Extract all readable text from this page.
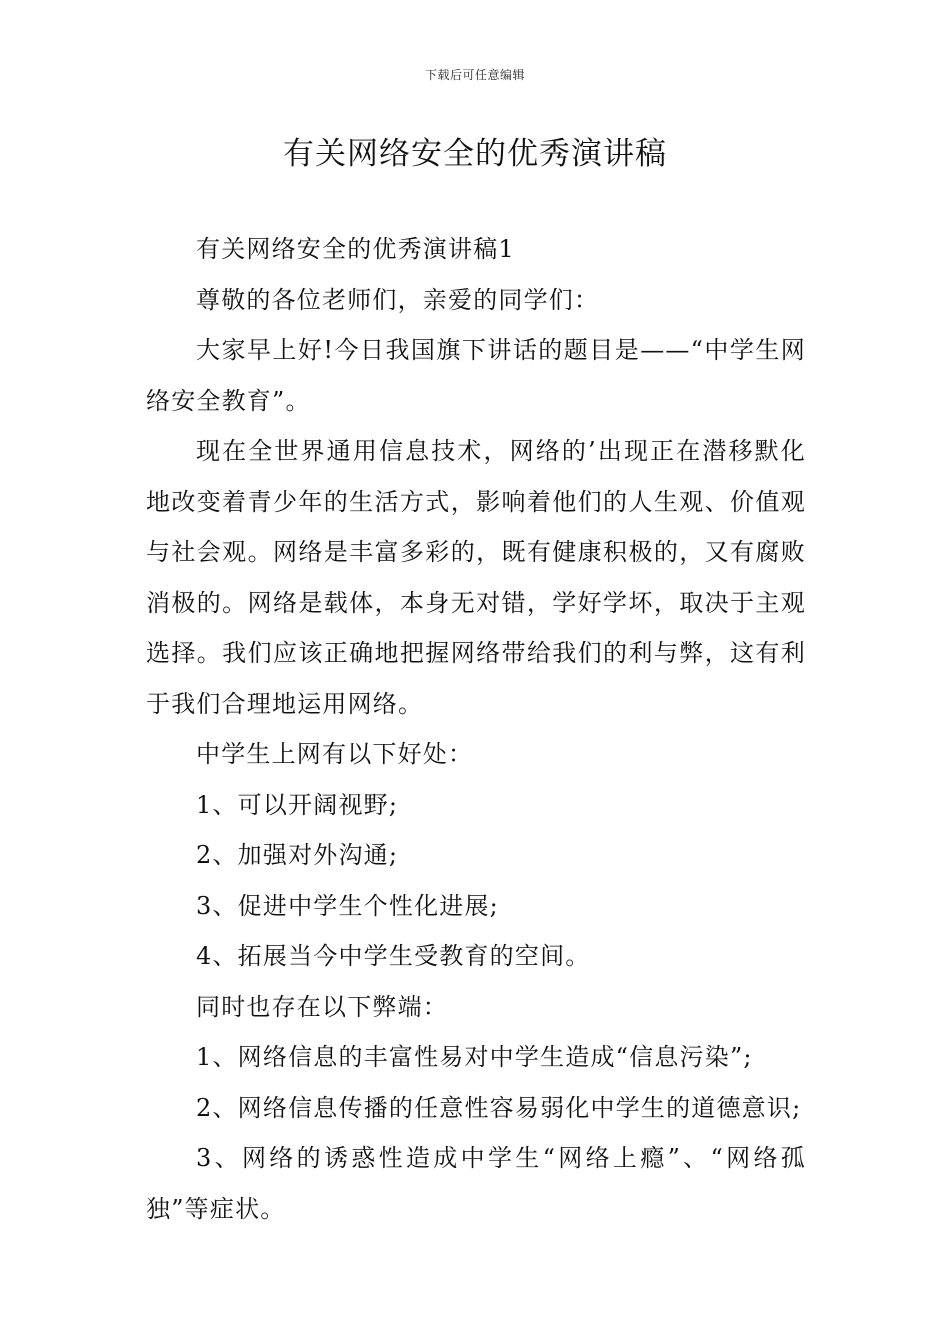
下载后可任意编辑
有关网络安全的优秀演讲稿

有关网络安全的优秀演讲稿1

尊敬的各位老师们，亲爱的同学们：

大家早上好!今日我国旗下讲话的题目是——“中学生网络安全教育”。

现在全世界通用信息技术，网络的’出现正在潜移默化地改变着青少年的生活方式，影响着他们的人生观、价值观与社会观。网络是丰富多彩的，既有健康积极的，又有腐败消极的。网络是载体，本身无对错，学好学坏，取决于主观选择。我们应该正确地把握网络带给我们的利与弊，这有利于我们合理地运用网络。

中学生上网有以下好处：

1、可以开阔视野;

2、加强对外沟通;

3、促进中学生个性化进展;

4、拓展当今中学生受教育的空间。

同时也存在以下弊端：

1、网络信息的丰富性易对中学生造成“信息污染”;

2、网络信息传播的任意性容易弱化中学生的道德意识;

3、网络的诱惑性造成中学生“网络上瘾”、“网络孤独”等症状。
